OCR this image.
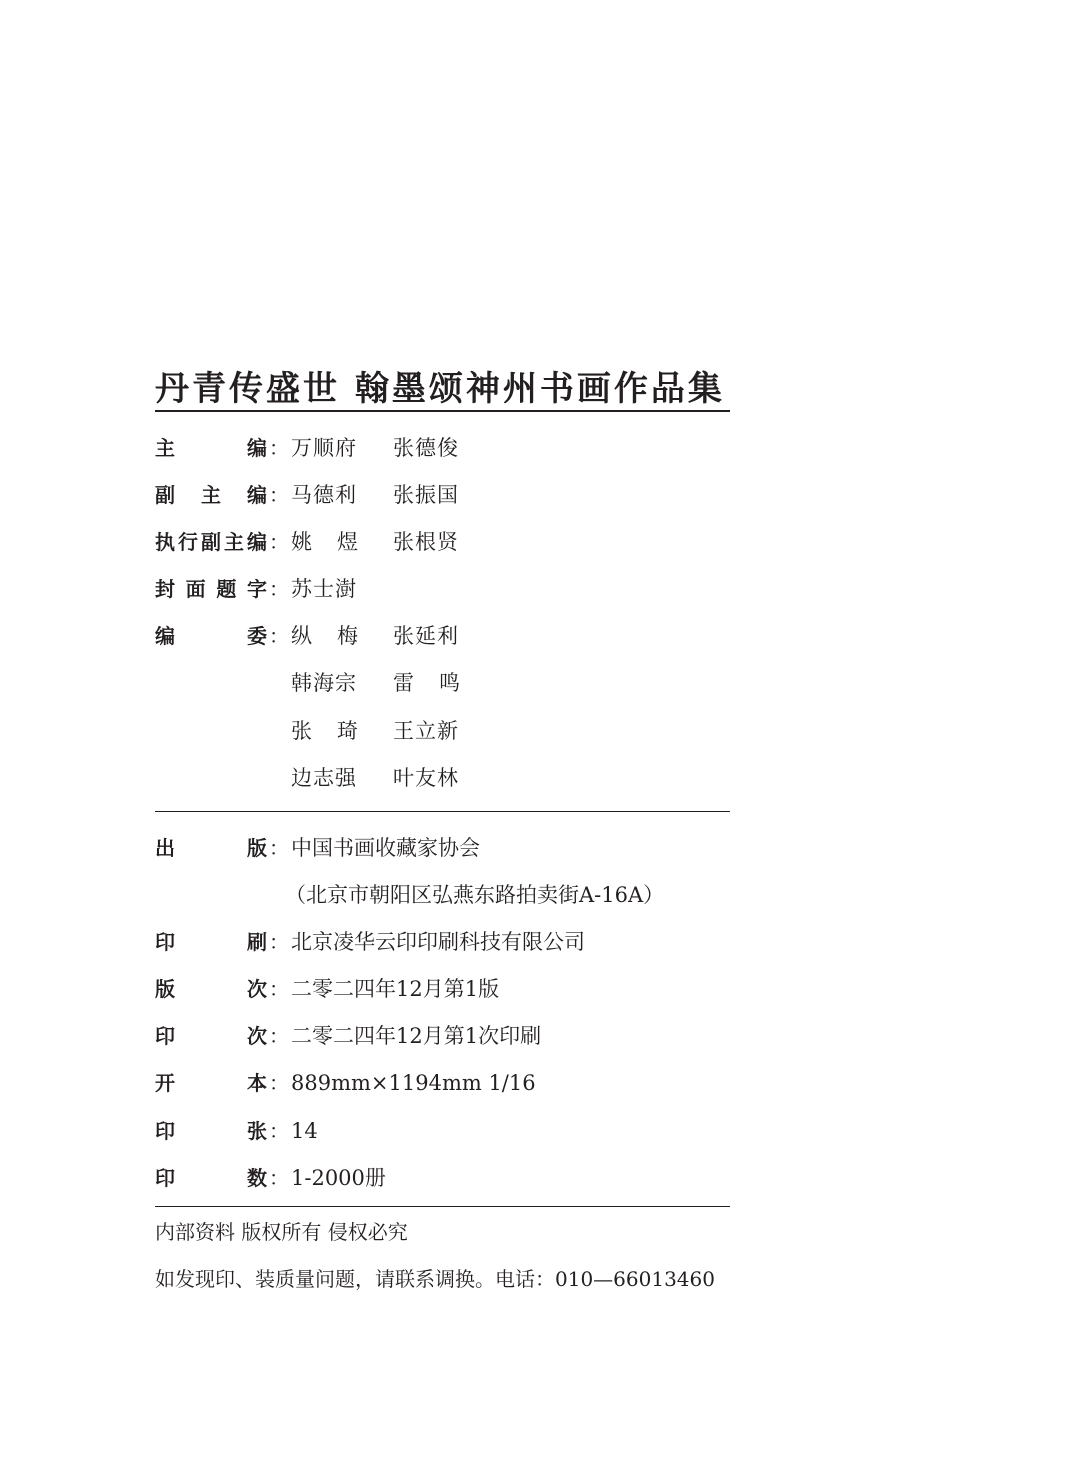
丹青传盛世 翰墨颂神州书画作品集
主	编 ： 万顺府 张德俊
副 主 编 ： 马德利 张振国
执 行 副 主 编 ： 姚 煜 张根贤
封 面 题 字 ： 苏士澍
编	委 ： 纵 梅 张延利
韩海宗 雷 鸣
张 琦 王立新
边志强 叶友林
出	版 ： 中国书画收藏家协会
（北京市朝阳区弘燕东路拍卖街A-16A）
印	刷 ： 北京凌华云印印刷科技有限公司
版	次 ： 二零二四年12月第1版
印	次 ： 二零二四年12月第1次印刷
开	本 ： 889mm×1194mm 1/16
印	张 ： 14
印	数 ： 1-2000册
内部资料 版权所有 侵权必究
如发现印、装质量问题，请联系调换。电话：010—66013460
